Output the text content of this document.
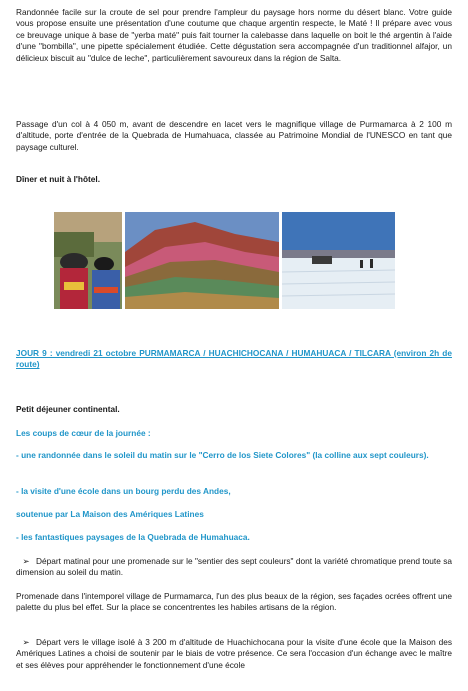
Randonnée facile sur la croute de sel pour prendre l'ampleur du paysage hors norme du désert blanc. Votre guide vous propose ensuite une présentation d'une coutume que chaque argentin respecte, le Maté ! Il prépare avec vous ce breuvage unique à base de "yerba maté" puis fait tourner la calebasse dans laquelle on boit le thé argentin à l'aide d'une "bombilla", une pipette spécialement étudiée. Cette dégustation sera accompagnée d'un traditionnel alfajor, un délicieux biscuit au "dulce de leche", particulièrement savoureux dans la région de Salta.

Passage d'un col à 4 050 m, avant de descendre en lacet vers le magnifique village de Purmamarca à 2 100 m d'altitude, porte d'entrée de la Quebrada de Humahuaca, classée au Patrimoine Mondial de l'UNESCO en tant que paysage culturel.

Dîner et nuit à l'hôtel.

JOUR 9 : vendredi 21 octobre PURMAMARCA / HUACHICHOCANA / HUMAHUACA / TILCARA (environ 2h de route)

Petit déjeuner continental.

Les coups de cœur de la journée :

- une randonnée dans le soleil du matin sur le "Cerro de los Siete Colores" (la colline aux sept couleurs).

- la visite d'une école dans un bourg perdu des Andes,

soutenue par La Maison des Amériques Latines

- les fantastiques paysages de la Quebrada de Humahuaca.

➢ Départ matinal pour une promenade sur le "sentier des sept couleurs" dont la variété chromatique prend toute sa dimension au soleil du matin.

Promenade dans l'intemporel village de Purmamarca, l'un des plus beaux de la région, ses façades ocrées offrent une palette du plus bel effet. Sur la place se concentrentes les habiles artisans de la région.

➢ Départ vers le village isolé à 3 200 m d'altitude de Huachichocana pour la visite d'une école que la Maison des Amériques Latines a choisi de soutenir par le biais de votre présence. Ce sera l'occasion d'un échange avec le maître et ses élèves pour appréhender le fonctionnement d'une école
